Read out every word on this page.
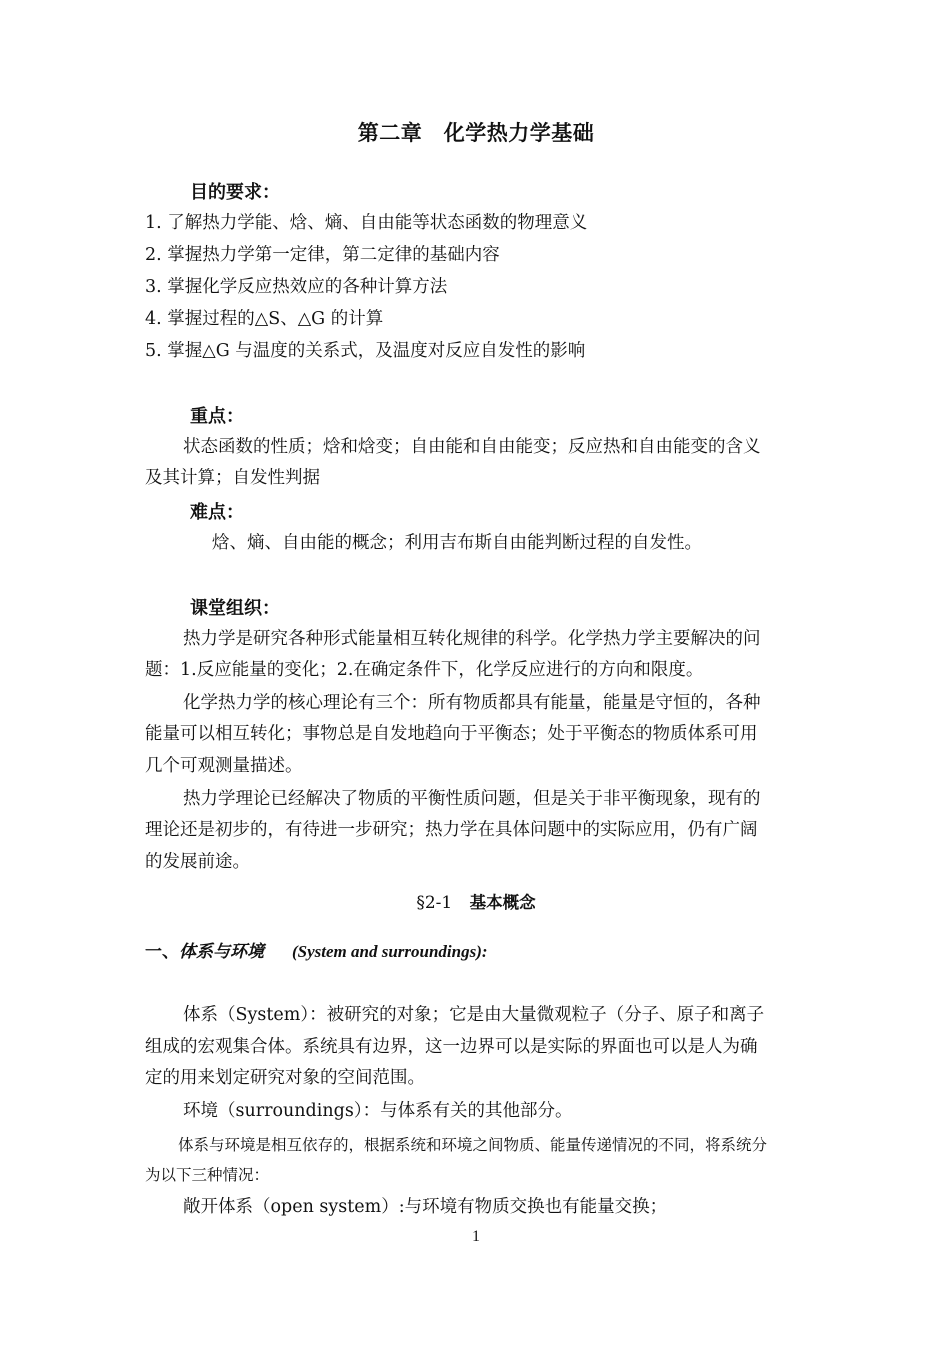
第二章　化学热力学基础
目的要求：
1. 了解热力学能、焓、熵、自由能等状态函数的物理意义
2. 掌握热力学第一定律，第二定律的基础内容
3. 掌握化学反应热效应的各种计算方法
4. 掌握过程的△S、△G 的计算
5. 掌握△G 与温度的关系式，及温度对反应自发性的影响
重点：
状态函数的性质；焓和焓变；自由能和自由能变；反应热和自由能变的含义
及其计算；自发性判据
难点：
焓、熵、自由能的概念；利用吉布斯自由能判断过程的自发性。
课堂组织：
热力学是研究各种形式能量相互转化规律的科学。化学热力学主要解决的问
题：1.反应能量的变化；2.在确定条件下，化学反应进行的方向和限度。
化学热力学的核心理论有三个：所有物质都具有能量，能量是守恒的，各种
能量可以相互转化；事物总是自发地趋向于平衡态；处于平衡态的物质体系可用
几个可观测量描述。
热力学理论已经解决了物质的平衡性质问题，但是关于非平衡现象，现有的
理论还是初步的，有待进一步研究；热力学在具体问题中的实际应用，仍有广阔
的发展前途。
§2-1 基本概念
一、体系与环境 (System and surroundings):
体系（System）：被研究的对象；它是由大量微观粒子（分子、原子和离子
组成的宏观集合体。系统具有边界，这一边界可以是实际的界面也可以是人为确
定的用来划定研究对象的空间范围。
环境（surroundings）：与体系有关的其他部分。
体系与环境是相互依存的，根据系统和环境之间物质、能量传递情况的不同，将系统分
为以下三种情况：
敞开体系（open system）:与环境有物质交换也有能量交换；
1
